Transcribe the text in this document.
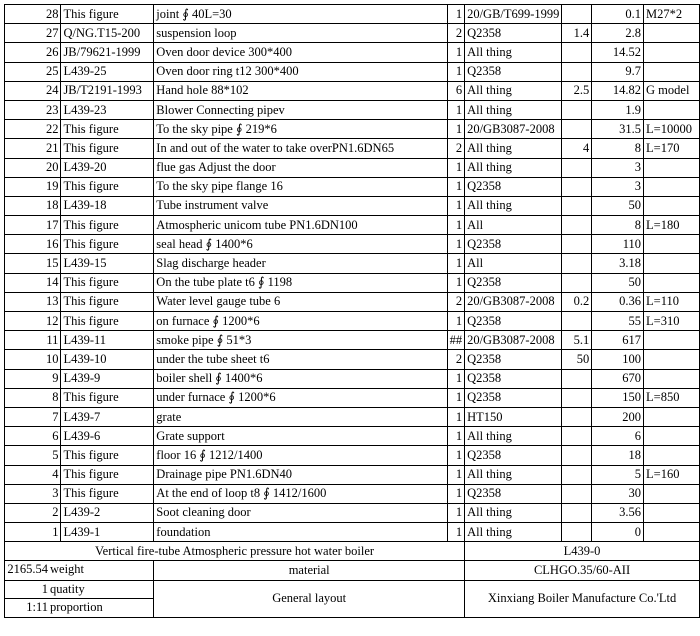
28	This figure	joint ∮ 40L=30	1	20/GB/T699-1999		0.1	M27*2
27	Q/NG.T15-200	suspension loop	2	Q2358	1.4	2.8	
26	JB/79621-1999	Oven door device 300*400	1	All thing		14.52	
25	L439-25	Oven door ring t12 300*400	1	Q2358		9.7	
24	JB/T2191-1993	Hand hole 88*102	6	All thing	2.5	14.82	G model
23	L439-23	Blower Connecting pipev	1	All thing		1.9	
22	This figure	To the sky pipe ∮ 219*6	1	20/GB3087-2008		31.5	L=10000
21	This figure	In and out of the water to take overPN1.6DN65	2	All thing	4	8	L=170
20	L439-20	flue gas Adjust the door	1	All thing		3	
19	This figure	To the sky pipe flange 16	1	Q2358		3	
18	L439-18	Tube instrument valve	1	All thing		50	
17	This figure	Atmospheric unicom tube PN1.6DN100	1	All		8	L=180
16	This figure	seal head ∮ 1400*6	1	Q2358		110	
15	L439-15	Slag discharge header	1	All		3.18	
14	This figure	On the tube plate t6 ∮ 1198	1	Q2358		50	
13	This figure	Water level gauge tube 6	2	20/GB3087-2008	0.2	0.36	L=110
12	This figure	on furnace ∮ 1200*6	1	Q2358		55	L=310
11	L439-11	smoke pipe ∮ 51*3	##	20/GB3087-2008	5.1	617	
10	L439-10	under the tube sheet t6	2	Q2358	50	100	
9	L439-9	boiler shell ∮ 1400*6	1	Q2358		670	
8	This figure	under furnace ∮ 1200*6	1	Q2358		150	L=850
7	L439-7	grate	1	HT150		200	
6	L439-6	Grate support	1	All thing		6	
5	This figure	floor 16 ∮ 1212/1400	1	Q2358		18	
4	This figure	Drainage pipe PN1.6DN40	1	All thing		5	L=160
3	This figure	At the end of loop t8 ∮ 1412/1600	1	Q2358		30	
2	L439-2	Soot cleaning door	1	All thing		3.56	
1	L439-1	foundation	1	All thing		0	
Vertical fire-tube Atmospheric pressure hot water boiler				L439-0			

2165.54 weight		material		CLHGO.35/60-AII			

1 quatity		General layout		Xinxiang Boiler Manufacture Co.'Ltd			

1:11 proportion							
